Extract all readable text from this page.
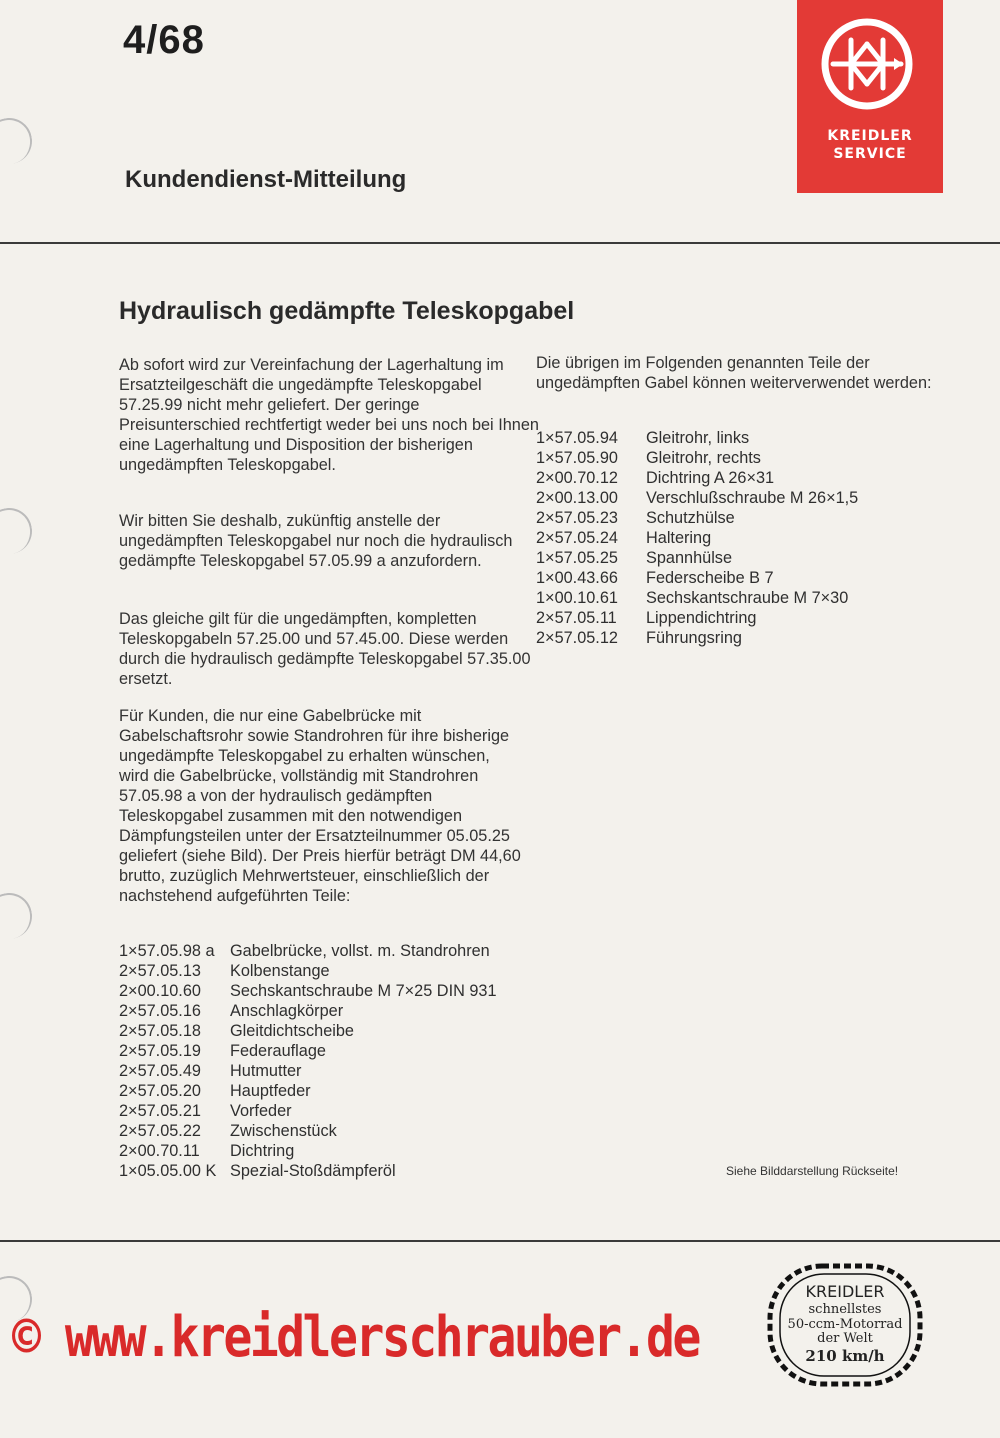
4/68
Kundendienst-Mitteilung
KREIDLER
SERVICE
Hydraulisch gedämpfte Teleskopgabel
Ab sofort wird zur Vereinfachung der Lagerhaltung im Ersatzteilgeschäft die ungedämpfte Teleskopgabel 57.25.99 nicht mehr geliefert. Der geringe Preisunterschied rechtfertigt weder bei uns noch bei Ihnen eine Lagerhaltung und Disposition der bisherigen ungedämpften Teleskopgabel.
Wir bitten Sie deshalb, zukünftig anstelle der ungedämpften Teleskopgabel nur noch die hydraulisch gedämpfte Teleskopgabel 57.05.99 a anzufordern.
Das gleiche gilt für die ungedämpften, kompletten Teleskopgabeln 57.25.00 und 57.45.00. Diese werden durch die hydraulisch gedämpfte Teleskopgabel 57.35.00 ersetzt.
Für Kunden, die nur eine Gabelbrücke mit Gabelschaftsrohr sowie Standrohren für ihre bisherige ungedämpfte Teleskopgabel zu erhalten wünschen, wird die Gabelbrücke, vollständig mit Standrohren 57.05.98 a von der hydraulisch gedämpften Teleskopgabel zusammen mit den notwendigen Dämpfungsteilen unter der Ersatzteilnummer 05.05.25 geliefert (siehe Bild). Der Preis hierfür beträgt DM 44,60 brutto, zuzüglich Mehrwertsteuer, einschließlich der nachstehend aufgeführten Teile:
1×57.05.98 a Gabelbrücke, vollst. m. Standrohren
2×57.05.13	Kolbenstange
2×00.10.60	Sechskantschraube M 7×25 DIN 931
2×57.05.16	Anschlagkörper
2×57.05.18	Gleitdichtscheibe
2×57.05.19	Federauflage
2×57.05.49	Hutmutter
2×57.05.20	Hauptfeder
2×57.05.21	Vorfeder
2×57.05.22	Zwischenstück
2×00.70.11	Dichtring
1×05.05.00 K Spezial-Stoßdämpferöl
Die übrigen im Folgenden genannten Teile der ungedämpften Gabel können weiterverwendet werden:
1×57.05.94	Gleitrohr, links
1×57.05.90	Gleitrohr, rechts
2×00.70.12	Dichtring A 26×31
2×00.13.00	Verschlußschraube M 26×1,5
2×57.05.23	Schutzhülse
2×57.05.24	Haltering
1×57.05.25	Spannhülse
1×00.43.66	Federscheibe B 7
1×00.10.61	Sechskantschraube M 7×30
2×57.05.11	Lippendichtring
2×57.05.12	Führungsring
Siehe Bilddarstellung Rückseite!
© www.kreidlerschrauber.de
KREIDLER
schnellstes
50-ccm-Motorrad
der Welt
210 km/h
